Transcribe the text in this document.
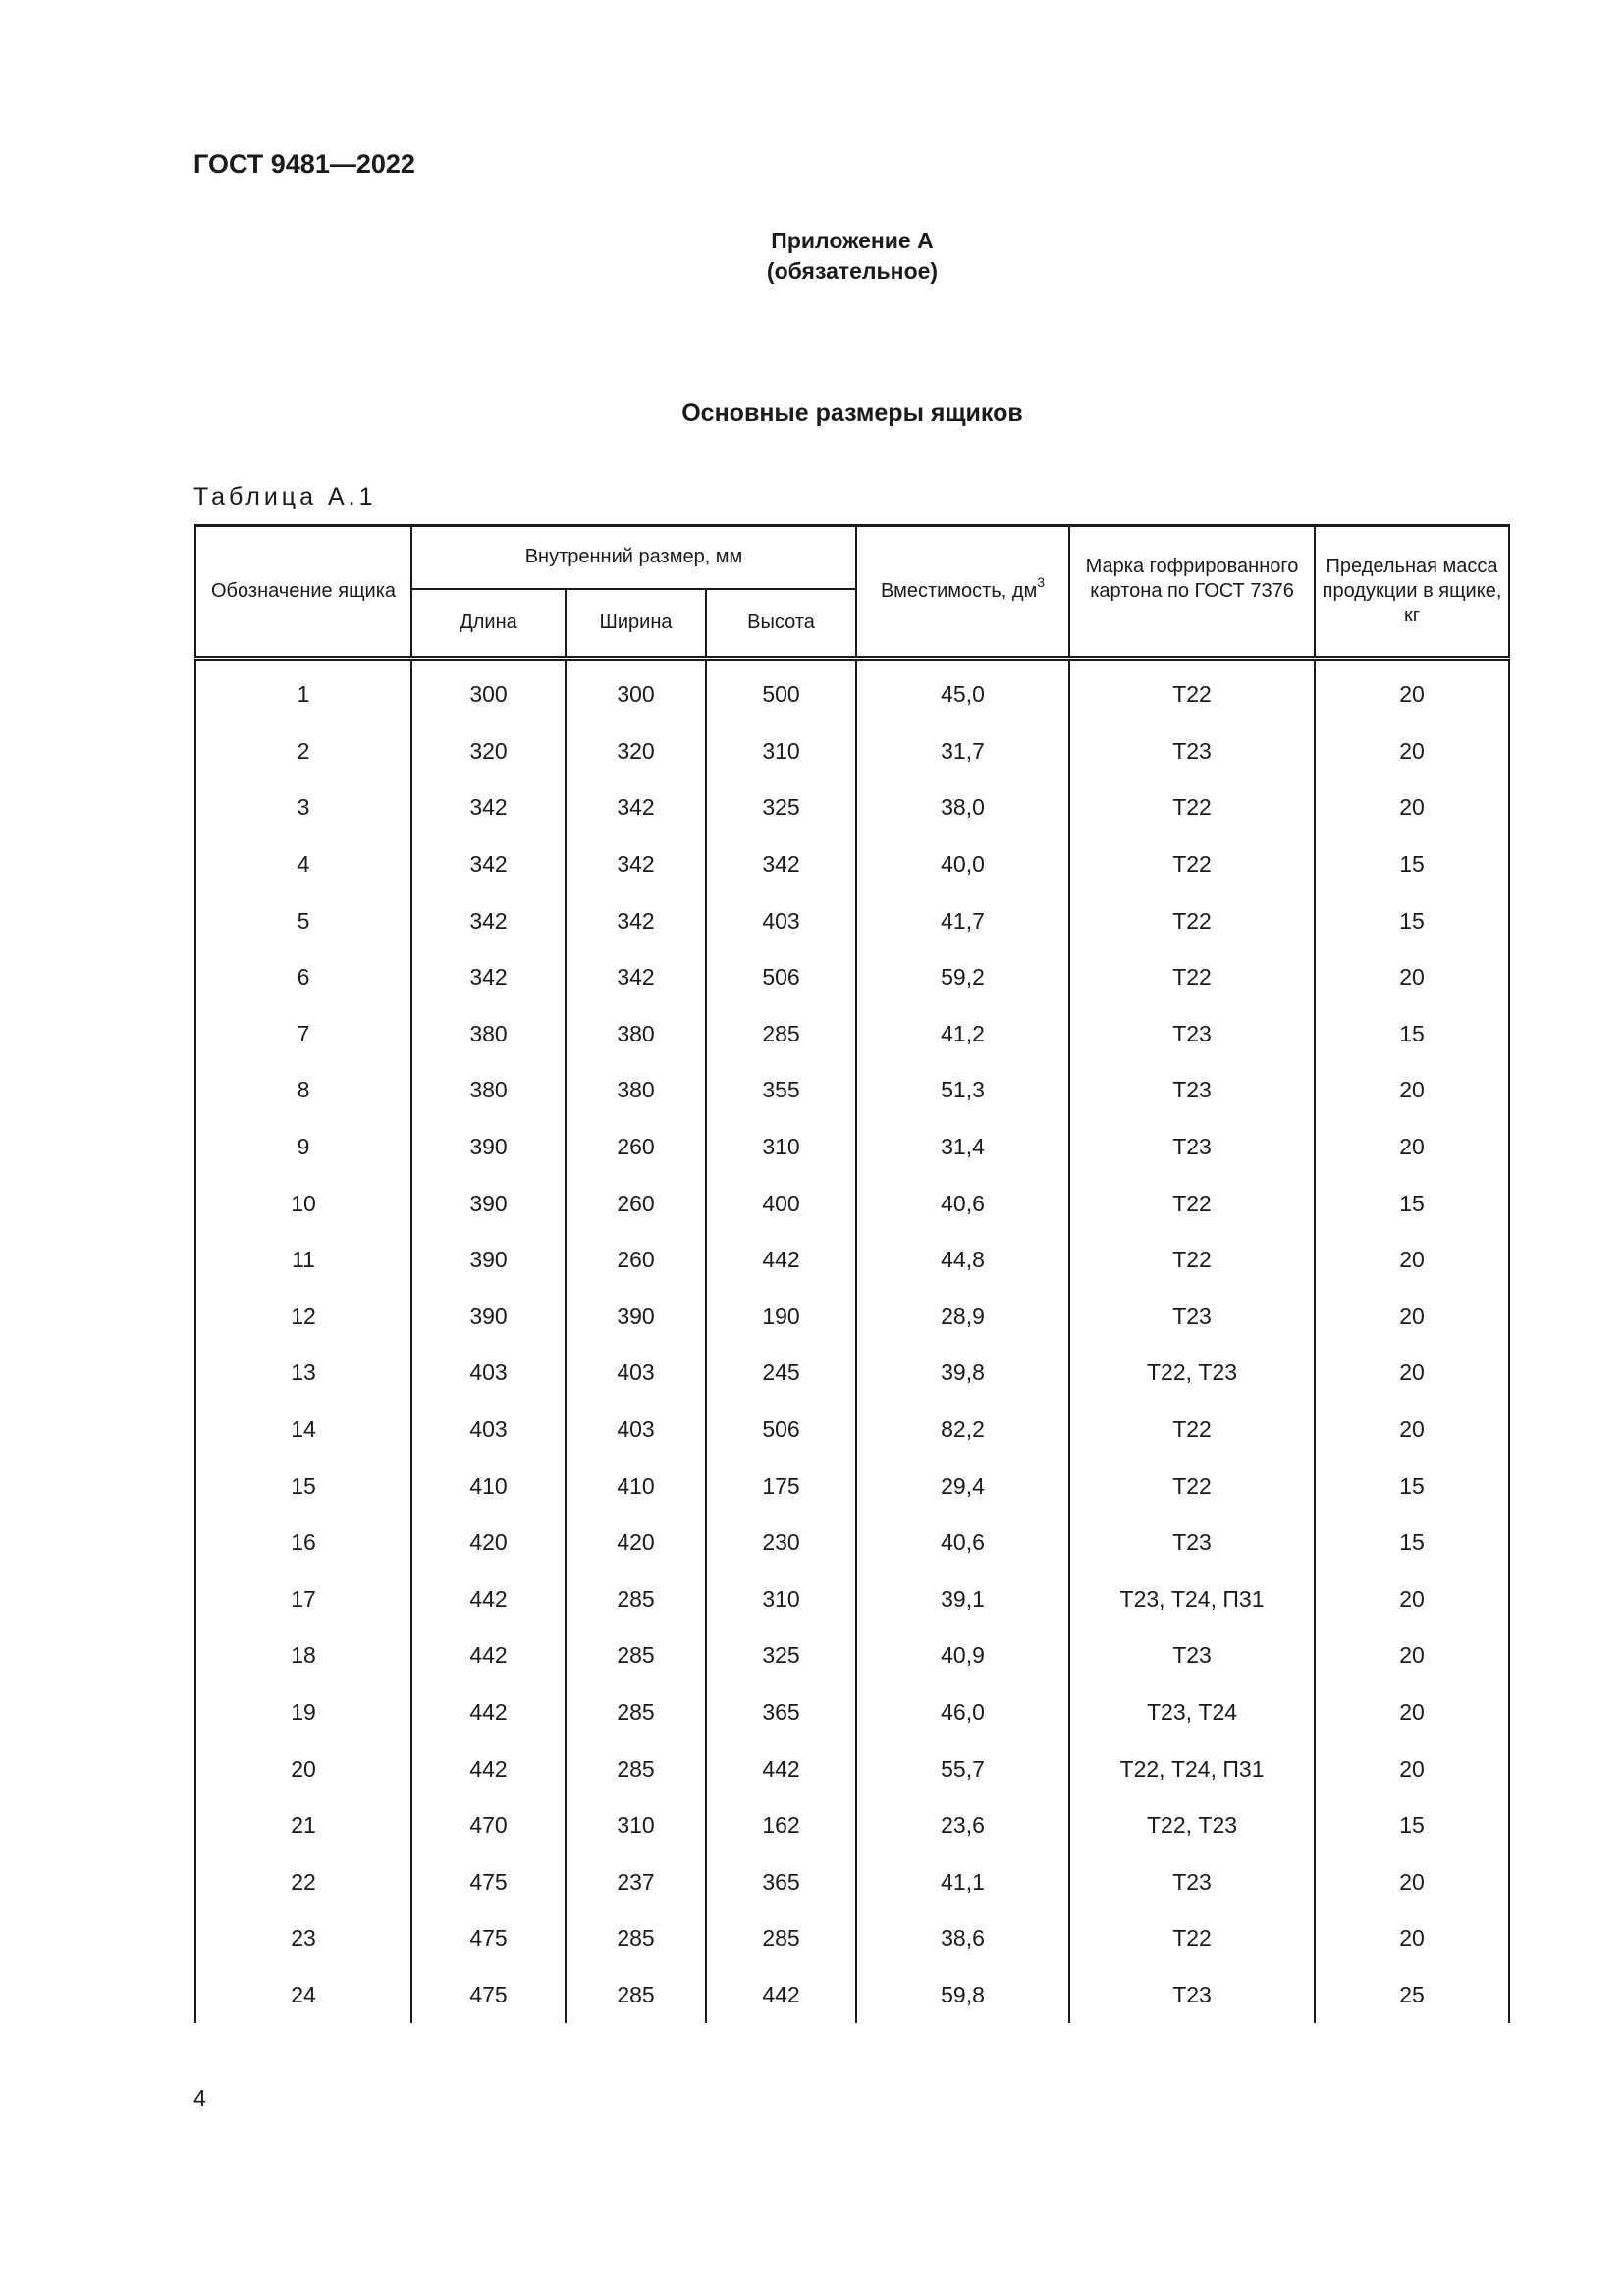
ГОСТ 9481—2022
Приложение А
(обязательное)
Основные размеры ящиков
Таблица А.1
Обозначение ящика	Внутренний размер, мм			Вместимость, $дм^3$	Марка гофрированного картона по ГОСТ 7376	Предельная масса продукции в ящике, кг
	Длина	Ширина	Высота			
1	300	300	500	45,0	Т22	20
2	320	320	310	31,7	Т23	20
3	342	342	325	38,0	Т22	20
4	342	342	342	40,0	Т22	15
5	342	342	403	41,7	Т22	15
6	342	342	506	59,2	Т22	20
7	380	380	285	41,2	Т23	15
8	380	380	355	51,3	Т23	20
9	390	260	310	31,4	Т23	20
10	390	260	400	40,6	Т22	15
11	390	260	442	44,8	Т22	20
12	390	390	190	28,9	Т23	20
13	403	403	245	39,8	Т22, Т23	20
14	403	403	506	82,2	Т22	20
15	410	410	175	29,4	Т22	15
16	420	420	230	40,6	Т23	15
17	442	285	310	39,1	Т23, Т24, П31	20
18	442	285	325	40,9	Т23	20
19	442	285	365	46,0	Т23, Т24	20
20	442	285	442	55,7	Т22, Т24, П31	20
21	470	310	162	23,6	Т22, Т23	15
22	475	237	365	41,1	Т23	20
23	475	285	285	38,6	Т22	20
24	475	285	442	59,8	Т23	25
4
